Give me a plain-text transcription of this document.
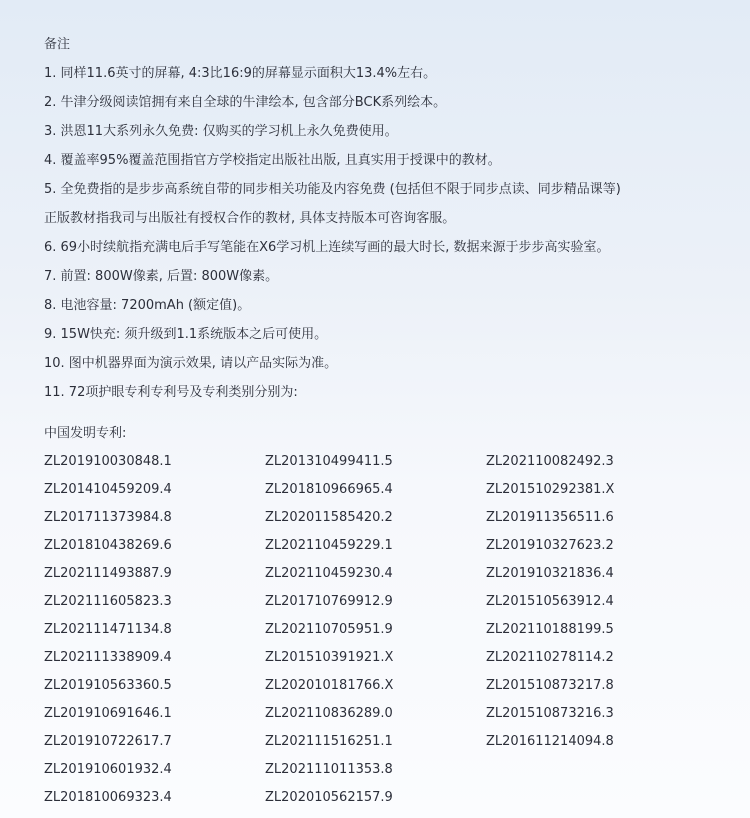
备注
1. 同样11.6英寸的屏幕, 4:3比16:9的屏幕显示面积大13.4%左右。
2. 牛津分级阅读馆拥有来自全球的牛津绘本, 包含部分BCK系列绘本。
3. 洪恩11大系列永久免费: 仅购买的学习机上永久免费使用。
4. 覆盖率95%覆盖范围指官方学校指定出版社出版, 且真实用于授课中的教材。
5. 全免费指的是步步高系统自带的同步相关功能及内容免费 (包括但不限于同步点读、同步精品课等)
正版教材指我司与出版社有授权合作的教材, 具体支持版本可咨询客服。
6. 69小时续航指充满电后手写笔能在X6学习机上连续写画的最大时长, 数据来源于步步高实验室。
7. 前置: 800W像素, 后置: 800W像素。
8. 电池容量: 7200mAh (额定值)。
9. 15W快充: 须升级到1.1系统版本之后可使用。
10. 图中机器界面为演示效果, 请以产品实际为准。
11. 72项护眼专利专利号及专利类别分别为:
中国发明专利:
ZL201910030848.1	ZL201310499411.5	ZL202110082492.3
ZL201410459209.4	ZL201810966965.4	ZL201510292381.X
ZL201711373984.8	ZL202011585420.2	ZL201911356511.6
ZL201810438269.6	ZL202110459229.1	ZL201910327623.2
ZL202111493887.9	ZL202110459230.4	ZL201910321836.4
ZL202111605823.3	ZL201710769912.9	ZL201510563912.4
ZL202111471134.8	ZL202110705951.9	ZL202110188199.5
ZL202111338909.4	ZL201510391921.X	ZL202110278114.2
ZL201910563360.5	ZL202010181766.X	ZL201510873217.8
ZL201910691646.1	ZL202110836289.0	ZL201510873216.3
ZL201910722617.7	ZL202111516251.1	ZL201611214094.8
ZL201910601932.4	ZL202111011353.8
ZL201810069323.4	ZL202010562157.9
